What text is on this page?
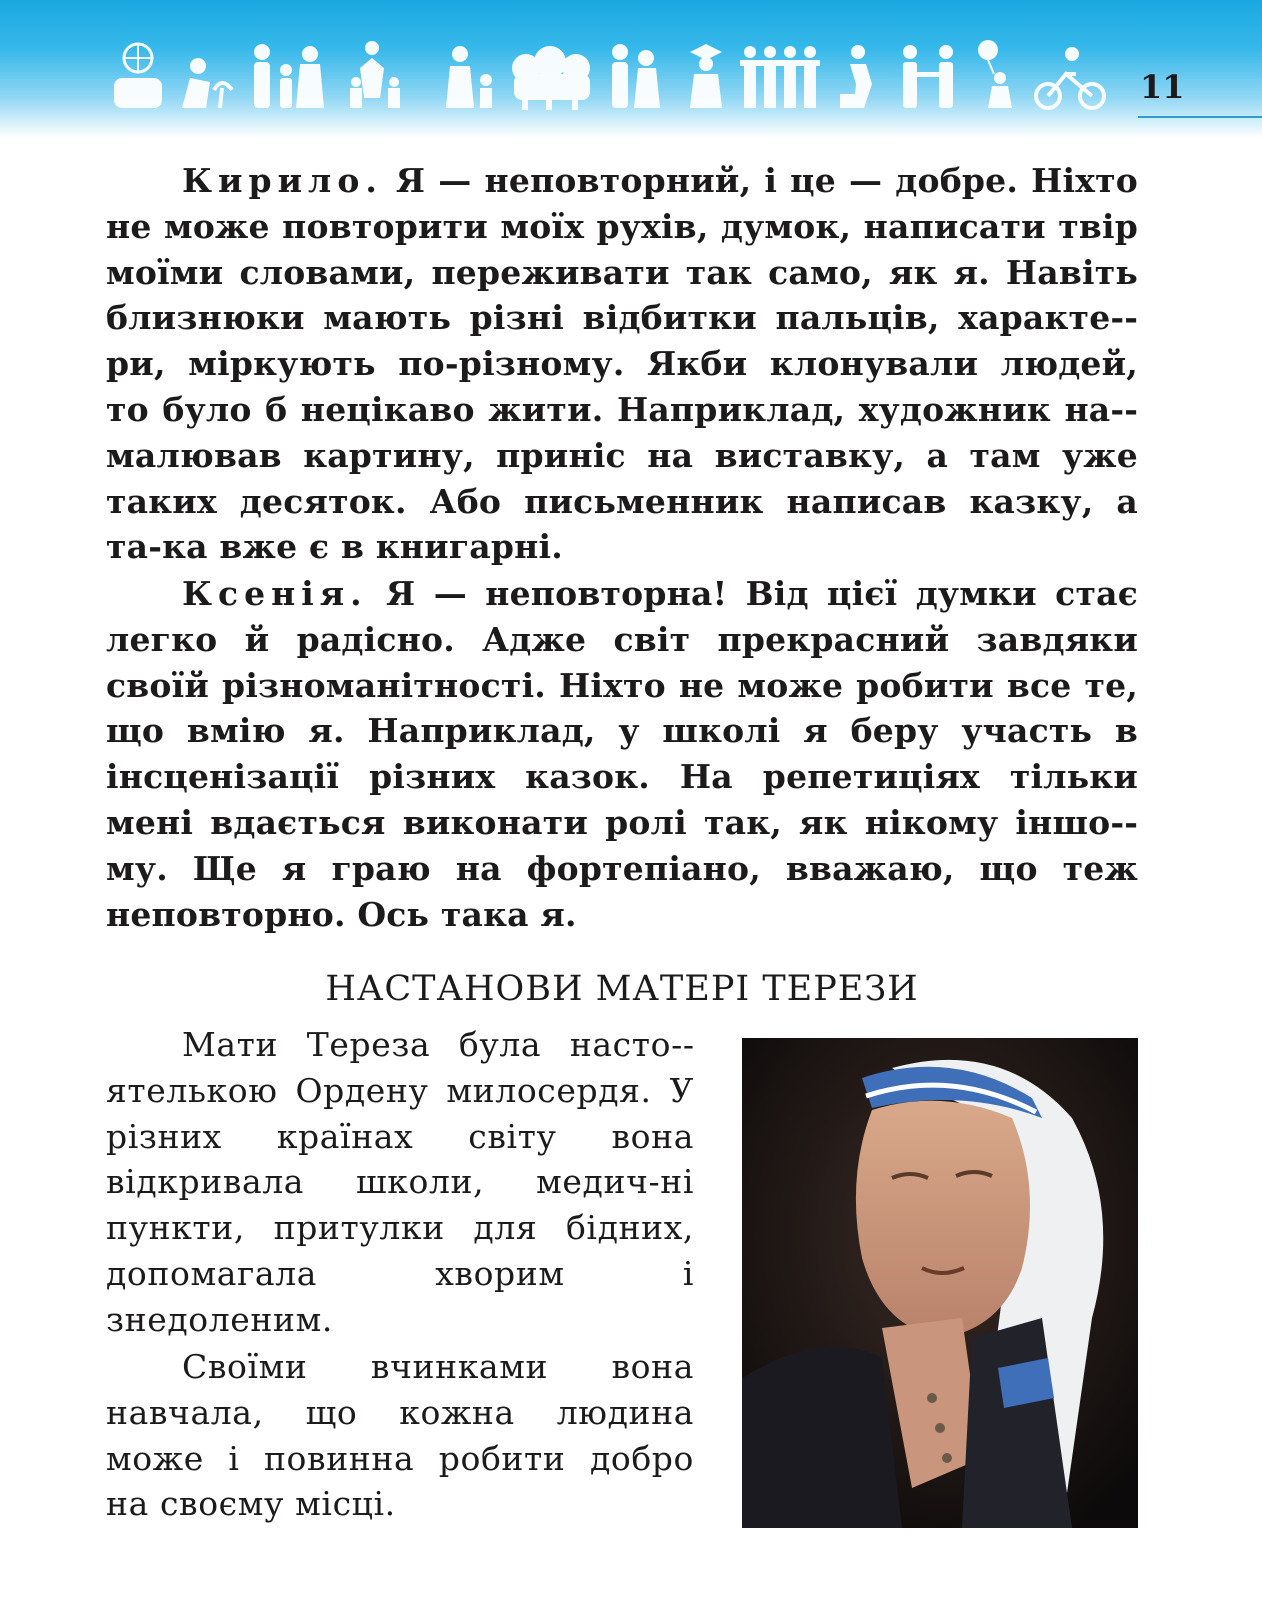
11

Кирило. Я — неповторний, і це — добре. Ніхто не може повторити моїх рухів, думок, написати твір моїми словами, переживати так само, як я. Навіть близнюки мають різні відбитки пальців, характе-ри, міркують по-різному. Якби клонували людей, то було б нецікаво жити. Наприклад, художник на-малював картину, приніс на виставку, а там уже таких десяток. Або письменник написав казку, а та-ка вже є в книгарні.

Ксенія. Я — неповторна! Від цієї думки стає легко й радісно. Адже світ прекрасний завдяки своїй різноманітності. Ніхто не може робити все те, що вмію я. Наприклад, у школі я беру участь в інсценізації різних казок. На репетиціях тільки мені вдається виконати ролі так, як нікому іншо-му. Ще я граю на фортепіано, вважаю, що теж неповторно. Ось така я.

НАСТАНОВИ МАТЕРІ ТЕРЕЗИ

Мати Тереза була насто-ятелькою Ордену милосердя. У різних країнах світу вона відкривала школи, медич-ні пункти, притулки для бідних, допомагала хворим і знедоленим.

Своїми вчинками вона навчала, що кожна людина може і повинна робити добро на своєму місці.
